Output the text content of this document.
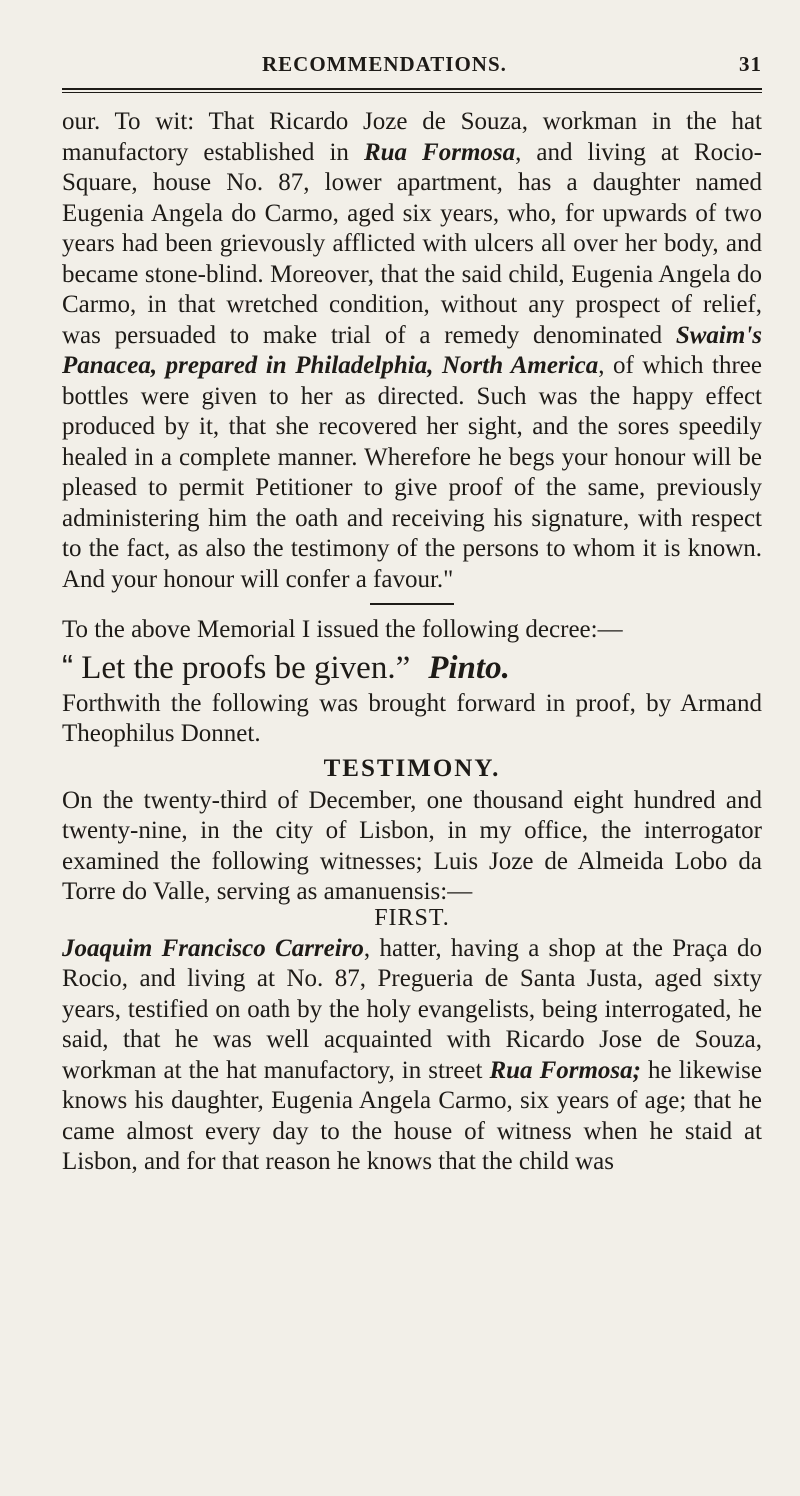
RECOMMENDATIONS.	31

our. To wit: That Ricardo Joze de Souza, workman in the hat manufactory established in Rua Formosa, and living at Rocio-Square, house No. 87, lower apartment, has a daughter named Eugenia Angela do Carmo, aged six years, who, for upwards of two years had been grievously afflicted with ulcers all over her body, and became stone-blind. Moreover, that the said child, Eugenia Angela do Carmo, in that wretched condition, without any prospect of relief, was persuaded to make trial of a remedy denominated Swaim's Panacea, prepared in Philadelphia, North America, of which three bottles were given to her as directed. Such was the happy effect produced by it, that she recovered her sight, and the sores speedily healed in a complete manner. Wherefore he begs your honour will be pleased to permit Petitioner to give proof of the same, previously administering him the oath and receiving his signature, with respect to the fact, as also the testimony of the persons to whom it is known. And your honour will confer a favour."

To the above Memorial I issued the following decree:—

“ Let the proofs be given.” Pinto.

Forthwith the following was brought forward in proof, by Armand Theophilus Donnet.

TESTIMONY.

On the twenty-third of December, one thousand eight hundred and twenty-nine, in the city of Lisbon, in my office, the interrogator examined the following witnesses; Luis Joze de Almeida Lobo da Torre do Valle, serving as amanuensis:—

FIRST.

Joaquim Francisco Carreiro, hatter, having a shop at the Praça do Rocio, and living at No. 87, Pregueria de Santa Justa, aged sixty years, testified on oath by the holy evangelists, being interrogated, he said, that he was well acquainted with Ricardo Jose de Souza, workman at the hat manufactory, in street Rua Formosa; he likewise knows his daughter, Eugenia Angela Carmo, six years of age; that he came almost every day to the house of witness when he staid at Lisbon, and for that reason he knows that the child was
